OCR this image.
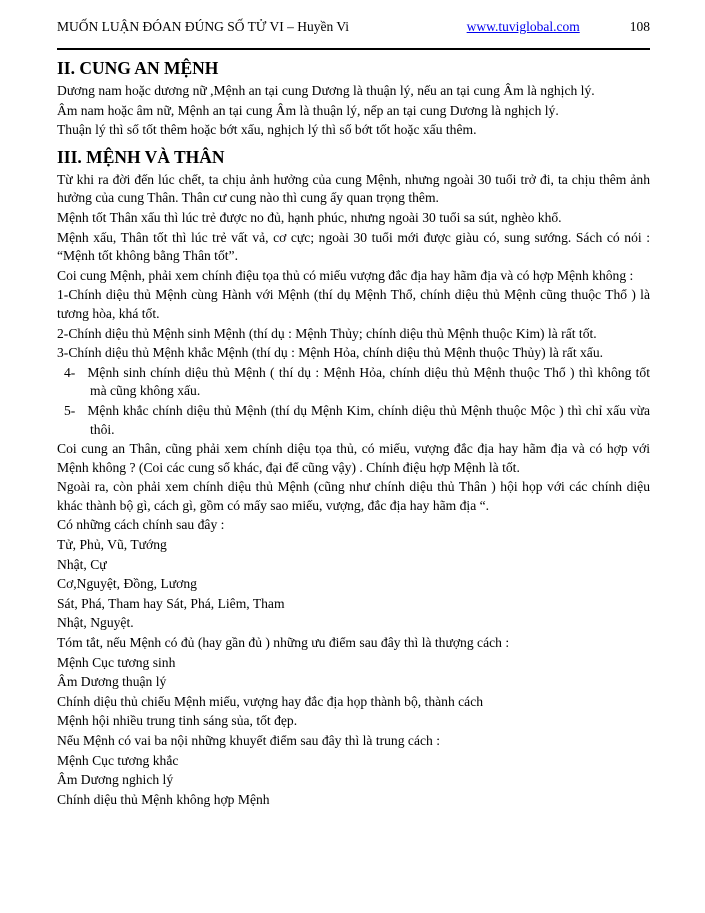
MUỐN LUẬN ĐÓAN ĐÚNG SỐ TỬ VI – Huyền Vi	www.tuviglobal.com	108
II. CUNG AN MỆNH

Dương nam hoặc dương nữ ,Mệnh an tại cung Dương là thuận lý, nếu an tại cung Âm là nghịch lý.

Âm nam hoặc âm nữ, Mệnh an tại cung Âm là thuận lý, nếp an tại cung Dương là nghịch lý.

Thuận lý thì số tốt thêm hoặc bớt xấu, nghịch lý thì số bớt tốt hoặc xấu thêm.

III. MỆNH VÀ THÂN

Từ khi ra đời đến lúc chết, ta chịu ảnh hưởng của cung Mệnh, nhưng ngoài 30 tuổi trở đi, ta chịu thêm ảnh hưởng của cung Thân. Thân cư cung nào thì cung ấy quan trọng thêm.

Mệnh tốt Thân xấu thì lúc trẻ được no đủ, hạnh phúc, nhưng ngoài 30 tuổi sa sút, nghèo khổ.

Mệnh xấu, Thân tốt thì lúc trẻ vất vả, cơ cực; ngoài 30 tuổi mới được giàu có, sung sướng. Sách có nói : “Mệnh tốt không bằng Thân tốt”.

Coi cung Mệnh, phải xem chính điệu tọa thủ có miếu vượng đắc địa hay hãm địa và có hợp Mệnh không :

1-Chính diệu thủ Mệnh cùng Hành với Mệnh (thí dụ Mệnh Thổ, chính diệu thủ Mệnh cũng thuộc Thổ ) là tương hòa, khá tốt.

2-Chính diệu thủ Mệnh sinh Mệnh (thí dụ : Mệnh Thủy; chính diệu thủ Mệnh thuộc Kim) là rất tốt.

3-Chính diệu thủ Mệnh khắc Mệnh (thí dụ : Mệnh Hỏa, chính diệu thủ Mệnh thuộc Thủy) là rất xấu.

4- Mệnh sinh chính diệu thủ Mệnh ( thí dụ : Mệnh Hỏa, chính diệu thủ Mệnh thuộc Thổ ) thì không tốt mà cũng không xấu.

5- Mệnh khắc chính diệu thủ Mệnh (thí dụ Mệnh Kim, chính diệu thủ Mệnh thuộc Mộc ) thì chỉ xấu vừa thôi.

Coi cung an Thân, cũng phải xem chính diệu tọa thủ, có miếu, vượng đắc địa hay hãm địa và có hợp với Mệnh không ? (Coi các cung số khác, đại để cũng vậy) . Chính điệu hợp Mệnh là tốt.

Ngoài ra, còn phải xem chính diệu thủ Mệnh (cũng như chính diệu thủ Thân ) hội họp với các chính diệu khác thành bộ gì, cách gì, gồm có mấy sao miếu, vượng, đắc địa hay hãm địa “.

Có những cách chính sau đây :

Tử, Phủ, Vũ, Tướng

Nhật, Cự

Cơ,Nguyệt, Đồng, Lương

Sát, Phá, Tham hay Sát, Phá, Liêm, Tham

Nhật, Nguyệt.

Tóm tắt, nếu Mệnh có đủ (hay gần đủ ) những ưu điểm sau đây thì là thượng cách :

Mệnh Cục tương sinh

Âm Dương thuận lý

Chính diệu thủ chiếu Mệnh miếu, vượng hay đắc địa họp thành bộ, thành cách

Mệnh hội nhiều trung tinh sáng sủa, tốt đẹp.

Nếu Mệnh có vai ba nội những khuyết điểm sau đây thì là trung cách :

Mệnh Cục tương khắc

Âm Dương nghich lý

Chính diệu thủ Mệnh không hợp Mệnh
